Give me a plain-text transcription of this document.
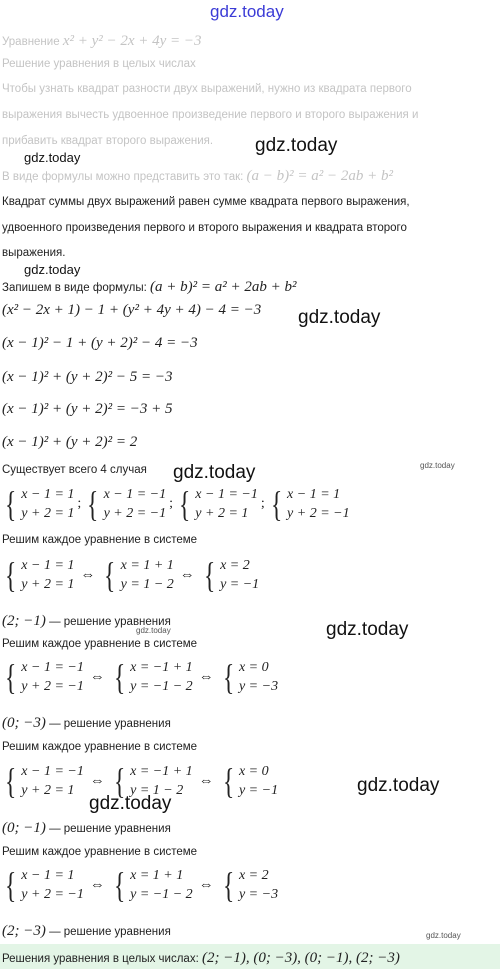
gdz.today
Уравнение x² + y² − 2x + 4y = −3
Решение уравнения в целых числах
Чтобы узнать квадрат разности двух выражений, нужно из квадрата первого
выражения вычесть удвоенное произведение первого и второго выражения и
прибавить квадрат второго выражения.
В виде формулы можно представить это так: (a − b)² = a² − 2ab + b²
Квадрат суммы двух выражений равен сумме квадрата первого выражения,
удвоенного произведения первого и второго выражения и квадрата второго
выражения.
Запишем в виде формулы: (a + b)² = a² + 2ab + b²
(x² − 2x + 1) − 1 + (y² + 4y + 4) − 4 = −3
(x − 1)² − 1 + (y + 2)² − 4 = −3
(x − 1)² + (y + 2)² − 5 = −3
(x − 1)² + (y + 2)² = −3 + 5
(x − 1)² + (y + 2)² = 2
Существует всего 4 случая
{ x − 1 = 1
y + 2 = 1
; { x − 1 = −1
y + 2 = −1
; { x − 1 = −1
y + 2 = 1
; { x − 1 = 1
y + 2 = −1
Решим каждое уравнение в системе
{ x − 1 = 1
y + 2 = 1
⇔ { x = 1 + 1
y = 1 − 2
⇔ { x = 2
y = −1
(2; −1) — решение уравнения
Решим каждое уравнение в системе
{ x − 1 = −1
y + 2 = −1
⇔ { x = −1 + 1
y = −1 − 2
⇔ { x = 0
y = −3
(0; −3) — решение уравнения
Решим каждое уравнение в системе
{ x − 1 = −1
y + 2 = 1
⇔ { x = −1 + 1
y = 1 − 2
⇔ { x = 0
y = −1
(0; −1) — решение уравнения
Решим каждое уравнение в системе
{ x − 1 = 1
y + 2 = −1
⇔ { x = 1 + 1
y = −1 − 2
⇔ { x = 2
y = −3
(2; −3) — решение уравнения
Решения уравнения в целых числах: (2; −1), (0; −3), (0; −1), (2; −3)
gdz.today
gdz.today
gdz.today
gdz.today
gdz.today	gdz.today
gdz.today	gdz.today
gdz.today
gdz.today
gdz.today
